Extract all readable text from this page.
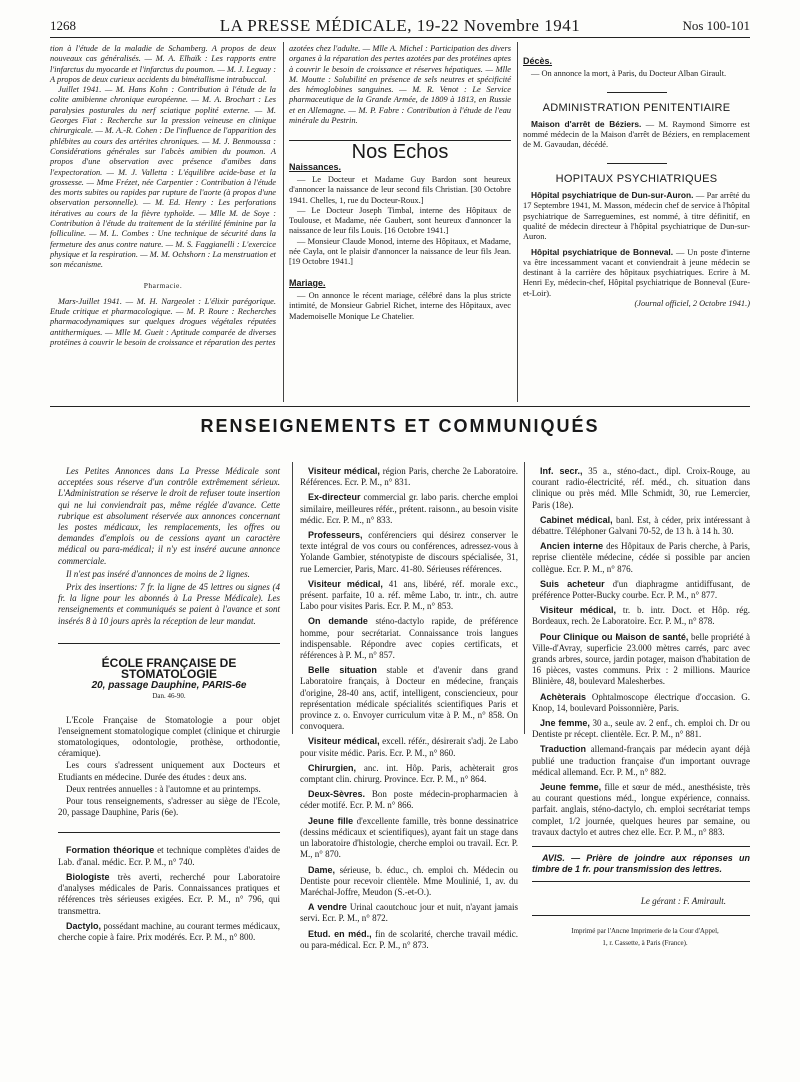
1268	LA PRESSE MÉDICALE, 19-22 Novembre 1941	Nos 100-101

tion à l'étude de la maladie de Schamberg. A propos de deux nouveaux cas généralisés. — M. A. Elhaïk : Les rapports entre l'infarctus du myocarde et l'infarctus du poumon. — M. J. Leguay : A propos de deux curieux accidents du bimétallisme intrabuccal.

Juillet 1941. — M. Hans Kohn : Contribution à l'étude de la colite amibienne chronique européenne. — M. A. Brochart : Les paralysies posturales du nerf sciatique poplité externe. — M. Georges Fiat : Recherche sur la pression veineuse en clinique chirurgicale. — M. A.-R. Cohen : De l'influence de l'apparition des phlébites au cours des artérites chroniques. — M. J. Benmoussa : Considérations générales sur l'abcès amibien du poumon. A propos d'une observation avec présence d'amibes dans l'expectoration. — M. J. Valletta : L'équilibre acide-base et la grossesse. — Mme Frézet, née Carpentier : Contribution à l'étude des morts subites ou rapides par rupture de l'aorte (à propos d'une observation personnelle). — M. Ed. Henry : Les perforations itératives au cours de la fièvre typhoïde. — Mlle M. de Soye : Contribution à l'étude du traitement de la stérilité féminine par la folliculine. — M. L. Combes : Une technique de sécurité dans la fermeture des anus contre nature. — M. S. Faggianelli : L'exercice physique et la respiration. — M. M. Ochshorn : La menstruation et son mécanisme.

Pharmacie.

Mars-Juillet 1941. — M. H. Nargeolet : L'élixir parégorique. Etude critique et pharmacologique. — M. P. Roure : Recherches pharmacodynamiques sur quelques drogues végétales réputées antithermiques. — Mlle M. Gueit : Aptitude comparée de diverses protéines à couvrir le besoin de croissance et réparation des pertes

azotées chez l'adulte. — Mlle A. Michel : Participation des divers organes à la réparation des pertes azotées par des protéines aptes à couvrir le besoin de croissance et réserves hépatiques. — Mlle M. Moutte : Solubilité en présence de sels neutres et spécificité des hémoglobines sanguines. — M. R. Venot : Le Service pharmaceutique de la Grande Armée, de 1809 à 1813, en Russie et en Allemagne. — M. P. Fabre : Contribution à l'étude de l'eau minérale du Pestrin.

Nos Echos
Naissances.

— Le Docteur et Madame Guy Bardon sont heureux d'annoncer la naissance de leur second fils Christian. [30 Octobre 1941. Chelles, 1, rue du Docteur-Roux.]

— Le Docteur Joseph Timbal, interne des Hôpitaux de Toulouse, et Madame, née Gaubert, sont heureux d'annoncer la naissance de leur fils Louis. [16 Octobre 1941.]

— Monsieur Claude Monod, interne des Hôpitaux, et Madame, née Cayla, ont le plaisir d'annoncer la naissance de leur fils Jean. [19 Octobre 1941.]

Mariage.

— On annonce le récent mariage, célébré dans la plus stricte intimité, de Monsieur Gabriel Richet, interne des Hôpitaux, avec Mademoiselle Monique Le Chatelier.

Décès.

— On annonce la mort, à Paris, du Docteur Alban Girault.

ADMINISTRATION PENITENTIAIRE

Maison d'arrêt de Béziers. — M. Raymond Simorre est nommé médecin de la Maison d'arrêt de Béziers, en remplacement de M. Gavaudan, décédé.

HOPITAUX PSYCHIATRIQUES

Hôpital psychiatrique de Dun-sur-Auron. — Par arrêté du 17 Septembre 1941, M. Masson, médecin chef de service à l'hôpital psychiatrique de Sarreguemines, est nommé, à titre définitif, en qualité de médecin directeur à l'hôpital psychiatrique de Dun-sur-Auron.

Hôpital psychiatrique de Bonneval. — Un poste d'interne va être incessamment vacant et conviendrait à jeune médecin se destinant à la carrière des hôpitaux psychiatriques. Ecrire à M. Henri Ey, médecin-chef, Hôpital psychiatrique de Bonneval (Eure-et-Loir).

(Journal officiel, 2 Octobre 1941.)

RENSEIGNEMENTS ET COMMUNIQUÉS

Les Petites Annonces dans La Presse Médicale sont acceptées sous réserve d'un contrôle extrêmement sérieux. L'Administration se réserve le droit de refuser toute insertion qui ne lui conviendrait pas, même réglée d'avance. Cette rubrique est absolument réservée aux annonces concernant les postes médicaux, les remplacements, les offres ou demandes d'emplois ou de cessions ayant un caractère médical ou para-médical; il n'y est inséré aucune annonce commerciale.

Il n'est pas inséré d'annonces de moins de 2 lignes.

Prix des insertions: 7 fr. la ligne de 45 lettres ou signes (4 fr. la ligne pour les abonnés à La Presse Médicale). Les renseignements et communiqués se paient à l'avance et sont insérés 8 à 10 jours après la réception de leur mandat.

ÉCOLE FRANÇAISE DE STOMATOLOGIE
20, passage Dauphine, PARIS-6e
Dan. 46-90.

L'Ecole Française de Stomatologie a pour objet l'enseignement stomatologique complet (clinique et chirurgie stomatologiques, odontologie, prothèse, orthodontie, céramique).

Les cours s'adressent uniquement aux Docteurs et Etudiants en médecine. Durée des études : deux ans.

Deux rentrées annuelles : à l'automne et au printemps.

Pour tous renseignements, s'adresser au siège de l'Ecole, 20, passage Dauphine, Paris (6e).

Formation théorique et technique complètes d'aides de Lab. d'anal. médic. Ecr. P. M., n° 740.

Biologiste très averti, recherché pour Laboratoire d'analyses médicales de Paris. Connaissances pratiques et références très sérieuses exigées. Ecr. P. M., n° 796, qui transmettra.

Dactylo, possédant machine, au courant termes médicaux, cherche copie à faire. Prix modérés. Ecr. P. M., n° 800.

Visiteur médical, région Paris, cherche 2e Laboratoire. Références. Ecr. P. M., n° 831.

Ex-directeur commercial gr. labo paris. cherche emploi similaire, meilleures référ., prétent. raisonn., au besoin visite médic. Ecr. P. M., n° 833.

Professeurs, conférenciers qui désirez conserver le texte intégral de vos cours ou conférences, adressez-vous à Yolande Gambier, sténotypiste de discours spécialisée, 31, rue Lemercier, Paris, Marc. 41-80. Sérieuses références.

Visiteur médical, 41 ans, libéré, réf. morale exc., présent. parfaite, 10 a. réf. même Labo, tr. intr., ch. autre Labo pour visites Paris. Ecr. P. M., n° 853.

On demande sténo-dactylo rapide, de préférence homme, pour secrétariat. Connaissance trois langues indispensable. Répondre avec copies certificats, et références à P. M., n° 857.

Belle situation stable et d'avenir dans grand Laboratoire français, à Docteur en médecine, français d'origine, 28-40 ans, actif, intelligent, consciencieux, pour représentation médicale spécialités scientifiques Paris et province z. o. Envoyer curriculum vitæ à P. M., n° 858. On convoquera.

Visiteur médical, excell. référ., désirerait s'adj. 2e Labo pour visite médic. Paris. Ecr. P. M., n° 860.

Chirurgien, anc. int. Hôp. Paris, achèterait gros comptant clin. chirurg. Province. Ecr. P. M., n° 864.

Deux-Sèvres. Bon poste médecin-propharmacien à céder motifé. Ecr. P. M. n° 866.

Jeune fille d'excellente famille, très bonne dessinatrice (dessins médicaux et scientifiques), ayant fait un stage dans un laboratoire d'histologie, cherche emploi ou travail. Ecr. P. M., n° 870.

Dame, sérieuse, b. éduc., ch. emploi ch. Médecin ou Dentiste pour recevoir clientèle. Mme Moulinié, 1, av. du Maréchal-Joffre, Meudon (S.-et-O.).

A vendre Urinal caoutchouc jour et nuit, n'ayant jamais servi. Ecr. P. M., n° 872.

Etud. en méd., fin de scolarité, cherche travail médic. ou para-médical. Ecr. P. M., n° 873.

Inf. secr., 35 a., sténo-dact., dipl. Croix-Rouge, au courant radio-électricité, réf. méd., ch. situation dans clinique ou près méd. Mlle Schmidt, 30, rue Lemercier, Paris (18e).

Cabinet médical, banl. Est, à céder, prix intéressant à débattre. Téléphoner Galvani 70-52, de 13 h. à 14 h. 30.

Ancien interne des Hôpitaux de Paris cherche, à Paris, reprise clientèle médecine, cédée si possible par ancien collègue. Ecr. P. M., n° 876.

Suis acheteur d'un diaphragme antidiffusant, de préférence Potter-Bucky courbe. Ecr. P. M., n° 877.

Visiteur médical, tr. b. intr. Doct. et Hôp. rég. Bordeaux, rech. 2e Laboratoire. Ecr. P. M., n° 878.

Pour Clinique ou Maison de santé, belle propriété à Ville-d'Avray, superficie 23.000 mètres carrés, parc avec grands arbres, source, jardin potager, maison d'habitation de 16 pièces, vastes communs. Prix : 2 millions. Maurice Blinière, 48, boulevard Malesherbes.

Achèterais Ophtalmoscope électrique d'occasion. G. Knop, 14, boulevard Poissonnière, Paris.

Jne femme, 30 a., seule av. 2 enf., ch. emploi ch. Dr ou Dentiste pr récept. clientèle. Ecr. P. M., n° 881.

Traduction allemand-français par médecin ayant déjà publié une traduction française d'un important ouvrage médical allemand. Ecr. P. M., n° 882.

Jeune femme, fille et sœur de méd., anesthésiste, très au courant questions méd., longue expérience, connaiss. parfait. anglais, sténo-dactylo, ch. emploi secrétariat temps complet, 1/2 journée, quelques heures par semaine, ou travaux dactylo et autres chez elle. Ecr. P. M., n° 883.

AVIS. — Prière de joindre aux réponses un timbre de 1 fr. pour transmission des lettres.

Le gérant : F. Amirault.

Imprimé par l'Ancne Imprimerie de la Cour d'Appel,

1, r. Cassette, à Paris (France).
